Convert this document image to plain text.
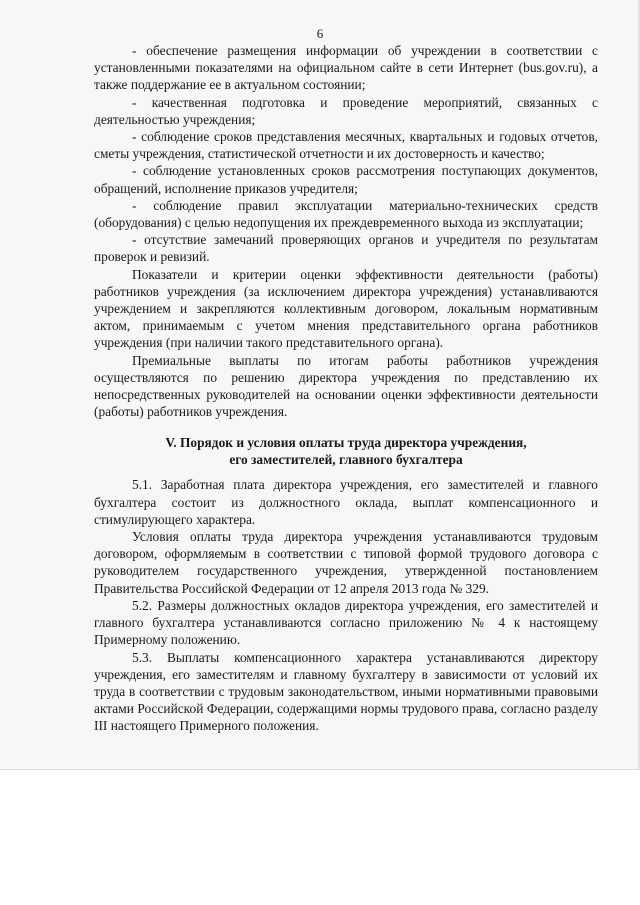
6

- обеспечение размещения информации об учреждении в соответствии с установленными показателями на официальном сайте в сети Интернет (bus.gov.ru), а также поддержание ее в актуальном состоянии;

- качественная подготовка и проведение мероприятий, связанных с деятельностью учреждения;

- соблюдение сроков представления месячных, квартальных и годовых отчетов, сметы учреждения, статистической отчетности и их достоверность и качество;

- соблюдение установленных сроков рассмотрения поступающих документов, обращений, исполнение приказов учредителя;

- соблюдение правил эксплуатации материально-технических средств (оборудования) с целью недопущения их преждевременного выхода из эксплуатации;

- отсутствие замечаний проверяющих органов и учредителя по результатам проверок и ревизий.

Показатели и критерии оценки эффективности деятельности (работы) работников учреждения (за исключением директора учреждения) устанавливаются учреждением и закрепляются коллективным договором, локальным нормативным актом, принимаемым с учетом мнения представительного органа работников учреждения (при наличии такого представительного органа).

Премиальные выплаты по итогам работы работников учреждения осуществляются по решению директора учреждения по представлению их непосредственных руководителей на основании оценки эффективности деятельности (работы) работников учреждения.

V. Порядок и условия оплаты труда директора учреждения,
его заместителей, главного бухгалтера

5.1. Заработная плата директора учреждения, его заместителей и главного бухгалтера состоит из должностного оклада, выплат компенсационного и стимулирующего характера.

Условия оплаты труда директора учреждения устанавливаются трудовым договором, оформляемым в соответствии с типовой формой трудового договора с руководителем государственного учреждения, утвержденной постановлением Правительства Российской Федерации от 12 апреля 2013 года № 329.

5.2. Размеры должностных окладов директора учреждения, его заместителей и главного бухгалтера устанавливаются согласно приложению № 4 к настоящему Примерному положению.

5.3. Выплаты компенсационного характера устанавливаются директору учреждения, его заместителям и главному бухгалтеру в зависимости от условий их труда в соответствии с трудовым законодательством, иными нормативными правовыми актами Российской Федерации, содержащими нормы трудового права, согласно разделу III настоящего Примерного положения.
